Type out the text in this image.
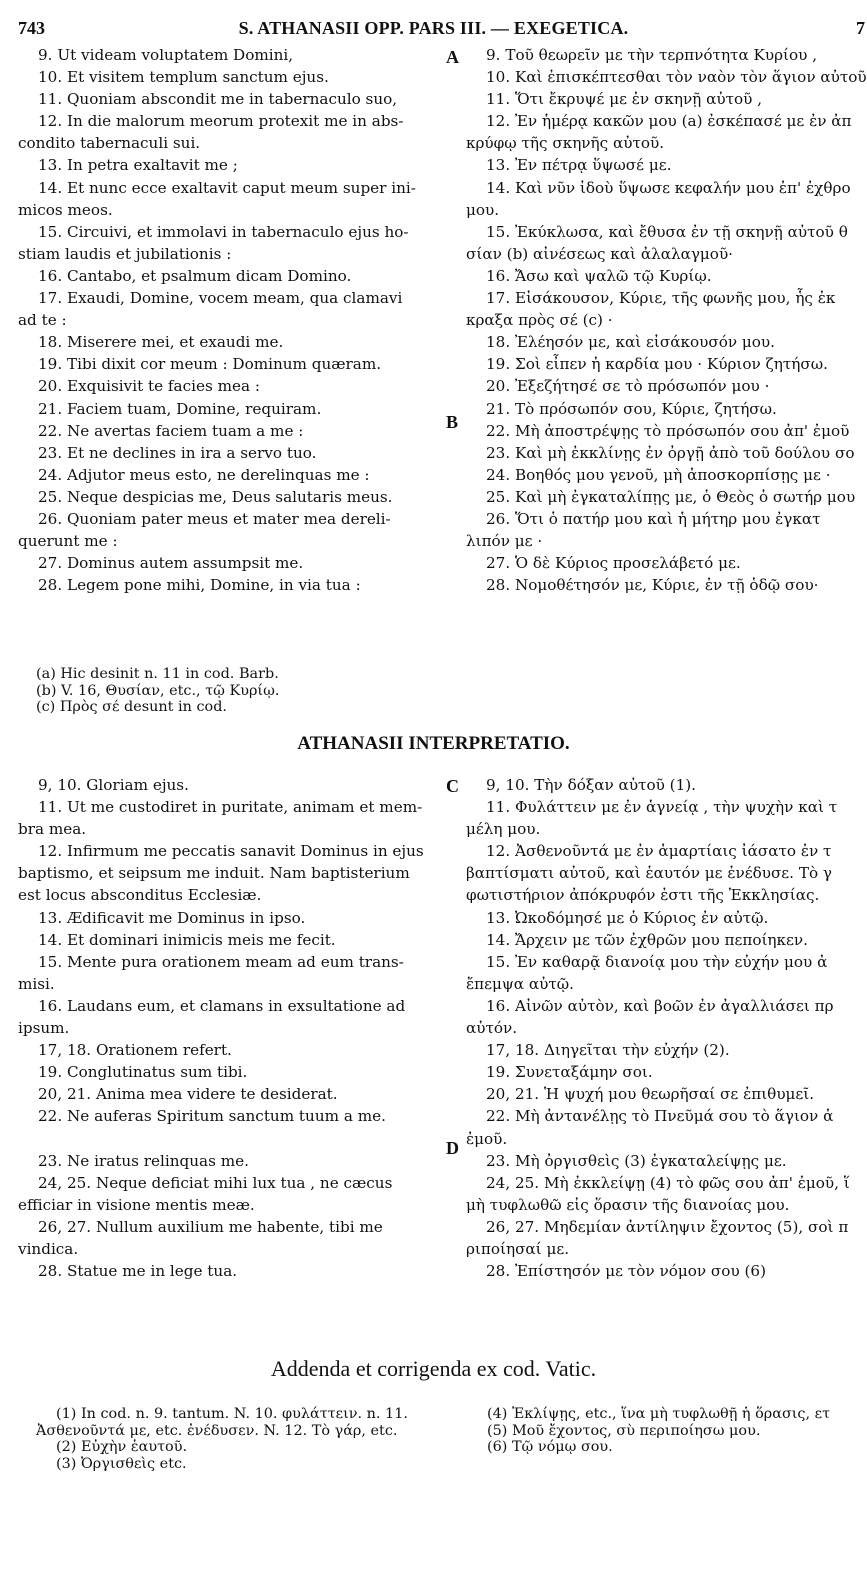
743	S. ATHANASII OPP. PARS III. — EXEGETICA.	7
9. Ut videam voluptatem Domini,
10. Et visitem templum sanctum ejus.
11. Quoniam abscondit me in tabernaculo suo,
12. In die malorum meorum protexit me in abs-
condito tabernaculi sui.
13. In petra exaltavit me ;
14. Et nunc ecce exaltavit caput meum super ini-
micos meos.
15. Circuivi, et immolavi in tabernaculo ejus ho-
stiam laudis et jubilationis :
16. Cantabo, et psalmum dicam Domino.
17. Exaudi, Domine, vocem meam, qua clamavi
ad te :
18. Miserere mei, et exaudi me.
19. Tibi dixit cor meum : Dominum quæram.
20. Exquisivit te facies mea :
21. Faciem tuam, Domine, requiram.
22. Ne avertas faciem tuam a me :
23. Et ne declines in ira a servo tuo.
24. Adjutor meus esto, ne derelinquas me :
25. Neque despicias me, Deus salutaris meus.
26. Quoniam pater meus et mater mea dereli-
querunt me :
27. Dominus autem assumpsit me.
28. Legem pone mihi, Domine, in via tua :
9. Τοῦ θεωρεῖν με τὴν τερπνότητα Κυρίου ,
10. Καὶ ἐπισκέπτεσθαι τὸν ναὸν τὸν ἅγιον αὐτοῦ
11. Ὅτι ἔκρυψέ με ἐν σκηνῇ αὐτοῦ ,
12. Ἐν ἡμέρᾳ κακῶν μου (a) ἐσκέπασέ με ἐν ἀπ
κρύφῳ τῆς σκηνῆς αὐτοῦ.
13. Ἐν πέτρᾳ ὕψωσέ με.
14. Καὶ νῦν ἰδοὺ ὕψωσε κεφαλήν μου ἐπ' ἐχθρο
μου.
15. Ἐκύκλωσα, καὶ ἔθυσα ἐν τῇ σκηνῇ αὐτοῦ θ
σίαν (b) αἰνέσεως καὶ ἀλαλαγμοῦ·
16. Ἄσω καὶ ψαλῶ τῷ Κυρίῳ.
17. Εἰσάκουσον, Κύριε, τῆς φωνῆς μου, ἧς ἐκ
κραξα πρὸς σέ (c) ·
18. Ἐλέησόν με, καὶ εἰσάκουσόν μου.
19. Σοὶ εἶπεν ἡ καρδία μου · Κύριον ζητήσω.
20. Ἐξεζήτησέ σε τὸ πρόσωπόν μου ·
21. Τὸ πρόσωπόν σου, Κύριε, ζητήσω.
22. Μὴ ἀποστρέψῃς τὸ πρόσωπόν σου ἀπ' ἐμοῦ
23. Καὶ μὴ ἐκκλίνῃς ἐν ὀργῇ ἀπὸ τοῦ δούλου σο
24. Βοηθός μου γενοῦ, μὴ ἀποσκορπίσῃς με ·
25. Καὶ μὴ ἐγκαταλίπῃς με, ὁ Θεὸς ὁ σωτήρ μου
26. Ὅτι ὁ πατήρ μου καὶ ἡ μήτηρ μου ἐγκατ
λιπόν με ·
27. Ὁ δὲ Κύριος προσελάβετό με.
28. Νομοθέτησόν με, Κύριε, ἐν τῇ ὁδῷ σου·
A
B
(a) Hic desinit n. 11 in cod. Barb.
(b) V. 16, Θυσίαν, etc., τῷ Κυρίῳ.
(c) Πρὸς σέ desunt in cod.
ATHANASII INTERPRETATIO.
9, 10. Gloriam ejus.
11. Ut me custodiret in puritate, animam et mem-
bra mea.
12. Infirmum me peccatis sanavit Dominus in ejus
baptismo, et seipsum me induit. Nam baptisterium
est locus absconditus Ecclesiæ.
13. Ædificavit me Dominus in ipso.
14. Et dominari inimicis meis me fecit.
15. Mente pura orationem meam ad eum trans-
misi.
16. Laudans eum, et clamans in exsultatione ad
ipsum.
17, 18. Orationem refert.
19. Conglutinatus sum tibi.
20, 21. Anima mea videre te desiderat.
22. Ne auferas Spiritum sanctum tuum a me.
23. Ne iratus relinquas me.
24, 25. Neque deficiat mihi lux tua , ne cæcus
efficiar in visione mentis meæ.
26, 27. Nullum auxilium me habente, tibi me
vindica.
28. Statue me in lege tua.
9, 10. Τὴν δόξαν αὐτοῦ (1).
11. Φυλάττειν με ἐν ἁγνείᾳ , τὴν ψυχὴν καὶ τ
μέλη μου.
12. Ἀσθενοῦντά με ἐν ἁμαρτίαις ἰάσατο ἐν τ
βαπτίσματι αὐτοῦ, καὶ ἑαυτόν με ἐνέδυσε. Τὸ γ
φωτιστήριον ἀπόκρυφόν ἐστι τῆς Ἐκκλησίας.
13. Ὠκοδόμησέ με ὁ Κύριος ἐν αὐτῷ.
14. Ἄρχειν με τῶν ἐχθρῶν μου πεποίηκεν.
15. Ἐν καθαρᾷ διανοίᾳ μου τὴν εὐχήν μου ἀ
ἔπεμψα αὐτῷ.
16. Αἰνῶν αὐτὸν, καὶ βοῶν ἐν ἀγαλλιάσει πρ
αὐτόν.
17, 18. Διηγεῖται τὴν εὐχήν (2).
19. Συνεταξάμην σοι.
20, 21. Ἡ ψυχή μου θεωρῆσαί σε ἐπιθυμεῖ.
22. Μὴ ἀντανέλῃς τὸ Πνεῦμά σου τὸ ἅγιον ἀ
ἐμοῦ.
23. Μὴ ὀργισθεὶς (3) ἐγκαταλείψῃς με.
24, 25. Μὴ ἐκκλείψῃ (4) τὸ φῶς σου ἀπ' ἐμοῦ, ἵ
μὴ τυφλωθῶ εἰς ὅρασιν τῆς διανοίας μου.
26, 27. Μηδεμίαν ἀντίληψιν ἔχοντος (5), σοὶ π
ριποίησαί με.
28. Ἐπίστησόν με τὸν νόμον σου (6)
C
D
Addenda et corrigenda ex cod. Vatic.
(1) In cod. n. 9. tantum. N. 10. φυλάττειν. n. 11.
Ἀσθενοῦντά με, etc. ἐνέδυσεν. N. 12. Τὸ γάρ, etc.
(2) Εὐχὴν ἑαυτοῦ.
(3) Ὀργισθεὶς etc.
(4) Ἐκλίψῃς, etc., ἵνα μὴ τυφλωθῇ ἡ ὅρασις, ετ
(5) Μοῦ ἔχοντος, σὺ περιποίησω μου.
(6) Τῷ νόμῳ σου.
